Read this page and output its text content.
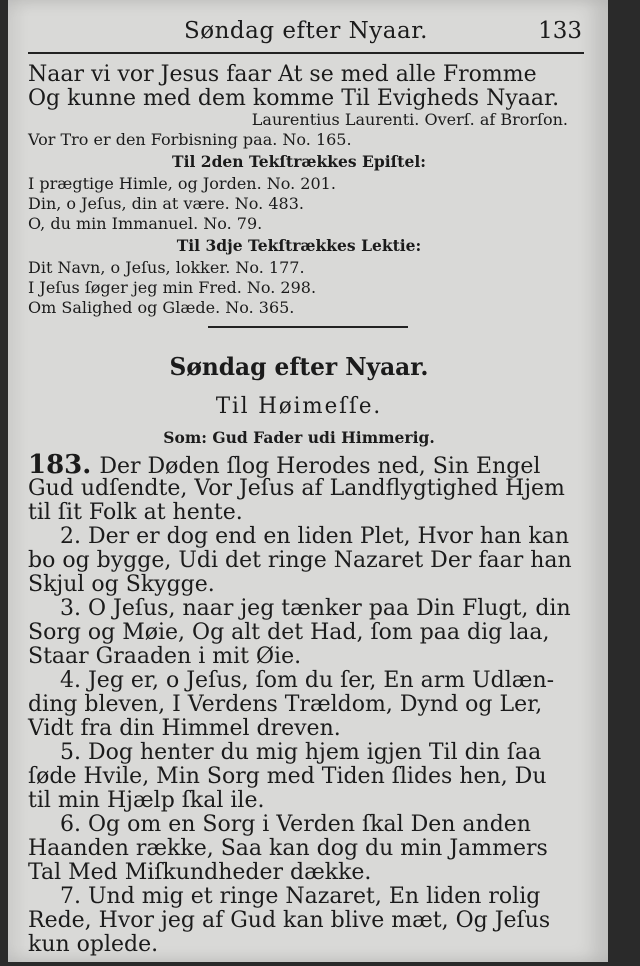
Søndag efter Nyaar.	133
Naar vi vor Jesus faar At se med alle Fromme
Og kunne med dem komme Til Evigheds Nyaar.
Laurentius Laurenti. Overſ. af Brorſon.
Vor Tro er den Forbisning paa. No. 165.
Til 2den Tekſtrækkes Epiſtel:
I prægtige Himle, og Jorden. No. 201.
Din, o Jeſus, din at være. No. 483.
O, du min Immanuel. No. 79.
Til 3dje Tekſtrækkes Lektie:
Dit Navn, o Jeſus, lokker. No. 177.
I Jeſus ſøger jeg min Fred. No. 298.
Om Salighed og Glæde. No. 365.
Søndag efter Nyaar.
Til Høimeſſe.
Som: Gud Fader udi Himmerig.
183. Der Døden ſlog Herodes ned, Sin Engel
Gud udſendte, Vor Jeſus af Landflygtighed Hjem
til ſit Folk at hente.
2. Der er dog end en liden Plet, Hvor han kan
bo og bygge, Udi det ringe Nazaret Der faar han
Skjul og Skygge.
3. O Jeſus, naar jeg tænker paa Din Flugt, din
Sorg og Møie, Og alt det Had, ſom paa dig laa,
Staar Graaden i mit Øie.
4. Jeg er, o Jeſus, ſom du ſer, En arm Udlæn-
ding bleven, I Verdens Trældom, Dynd og Ler,
Vidt fra din Himmel dreven.
5. Dog henter du mig hjem igjen Til din ſaa
ſøde Hvile, Min Sorg med Tiden ſlides hen, Du
til min Hjælp ſkal ile.
6. Og om en Sorg i Verden ſkal Den anden
Haanden række, Saa kan dog du min Jammers
Tal Med Miſkundheder dække.
7. Und mig et ringe Nazaret, En liden rolig
Rede, Hvor jeg af Gud kan blive mæt, Og Jeſus
kun oplede.
